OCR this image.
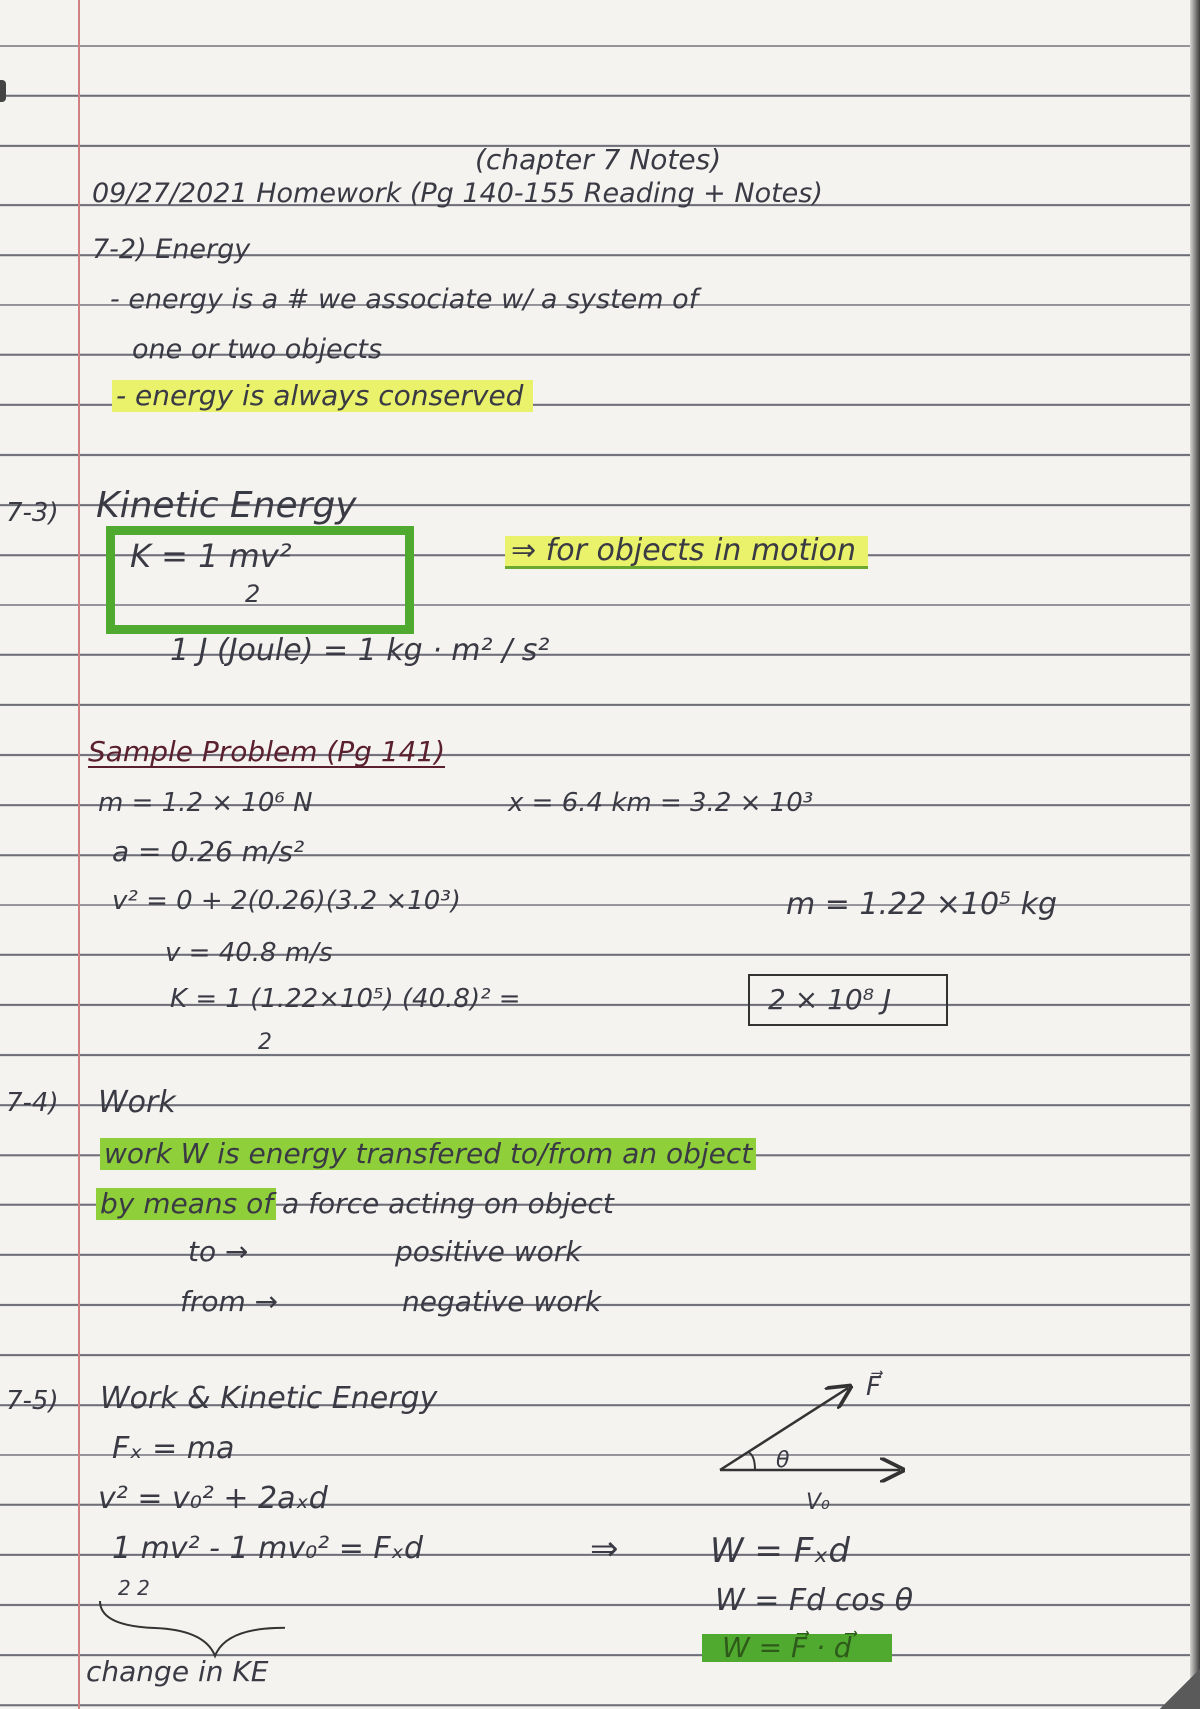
(chapter 7 Notes)
09/27/2021 Homework (Pg 140-155 Reading + Notes)
7-2) Energy
- energy is a # we associate w/ a system of
one or two objects
- energy is always conserved
7-3) Kinetic Energy
K = 1 mv²
2
⇒ for objects in motion
1 J (Joule) = 1 kg · m² / s²
Sample Problem (Pg 141)
m = 1.2 × 10⁶ N	x = 6.4 km = 3.2 × 10³
a = 0.26 m/s²
v² = 0 + 2(0.26)(3.2 ×10³)	m = 1.22 ×10⁵ kg
v = 40.8 m/s
K = 1 (1.22×10⁵) (40.8)² =
2
2 × 10⁸ J
7-4) Work
work W is energy transfered to/from an object
by means of a force acting on object
to →	positive work
from →	negative work
7-5) Work & Kinetic Energy
Fₓ = ma
v² = v₀² + 2aₓd
1 mv² - 1 mv₀² = Fₓd
2 2
⇒	W = Fₓd
W = Fd cos θ
W = F⃗ · d⃗
change in KE
F⃗
θ
V₀
